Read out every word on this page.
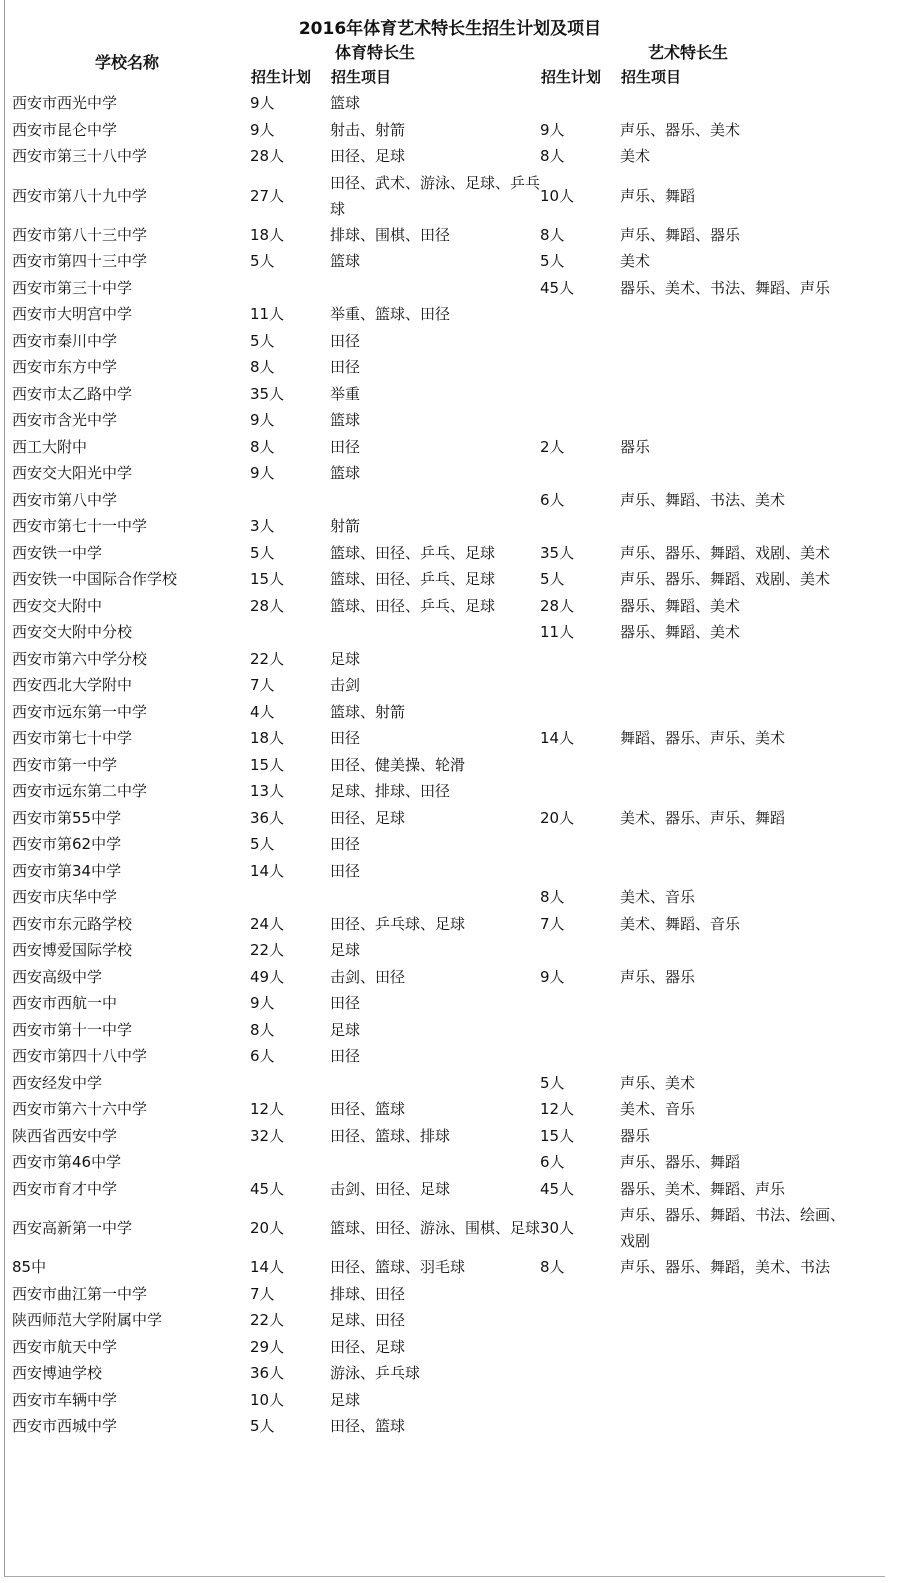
2016年体育艺术特长生招生计划及项目
学校名称
体育特长生	艺术特长生
招生计划 招生项目	招生计划 招生项目
西安市西光中学	9人	篮球		
西安市昆仑中学	9人	射击、射箭	9人	声乐、器乐、美术
西安市第三十八中学	28人	田径、足球	8人	美术
西安市第八十九中学	27人	田径、武术、游泳、足球、乒乓球	10人	声乐、舞蹈
西安市第八十三中学	18人	排球、围棋、田径	8人	声乐、舞蹈、器乐
西安市第四十三中学	5人	篮球	5人	美术
西安市第三十中学			45人	器乐、美术、书法、舞蹈、声乐
西安市大明宫中学	11人	举重、篮球、田径		
西安市秦川中学	5人	田径		
西安市东方中学	8人	田径		
西安市太乙路中学	35人	举重		
西安市含光中学	9人	篮球		
西工大附中	8人	田径	2人	器乐
西安交大阳光中学	9人	篮球		
西安市第八中学			6人	声乐、舞蹈、书法、美术
西安市第七十一中学	3人	射箭		
西安铁一中学	5人	篮球、田径、乒乓、足球	35人	声乐、器乐、舞蹈、戏剧、美术
西安铁一中国际合作学校	15人	篮球、田径、乒乓、足球	5人	声乐、器乐、舞蹈、戏剧、美术
西安交大附中	28人	篮球、田径、乒乓、足球	28人	器乐、舞蹈、美术
西安交大附中分校			11人	器乐、舞蹈、美术
西安市第六中学分校	22人	足球		
西安西北大学附中	7人	击剑		
西安市远东第一中学	4人	篮球、射箭		
西安市第七十中学	18人	田径	14人	舞蹈、器乐、声乐、美术
西安市第一中学	15人	田径、健美操、轮滑		
西安市远东第二中学	13人	足球、排球、田径		
西安市第55中学	36人	田径、足球	20人	美术、器乐、声乐、舞蹈
西安市第62中学	5人	田径		
西安市第34中学	14人	田径		
西安市庆华中学			8人	美术、音乐
西安市东元路学校	24人	田径、乒乓球、足球	7人	美术、舞蹈、音乐
西安博爱国际学校	22人	足球		
西安高级中学	49人	击剑、田径	9人	声乐、器乐
西安市西航一中	9人	田径		
西安市第十一中学	8人	足球		
西安市第四十八中学	6人	田径		
西安经发中学			5人	声乐、美术
西安市第六十六中学	12人	田径、篮球	12人	美术、音乐
陕西省西安中学	32人	田径、篮球、排球	15人	器乐
西安市第46中学			6人	声乐、器乐、舞蹈
西安市育才中学	45人	击剑、田径、足球	45人	器乐、美术、舞蹈、声乐
西安高新第一中学	20人	篮球、田径、游泳、围棋、足球	30人	声乐、器乐、舞蹈、书法、绘画、戏剧
85中	14人	田径、篮球、羽毛球	8人	声乐、器乐、舞蹈，美术、书法
西安市曲江第一中学	7人	排球、田径		
陕西师范大学附属中学	22人	足球、田径		
西安市航天中学	29人	田径、足球		
西安博迪学校	36人	游泳、乒乓球		
西安市车辆中学	10人	足球		
西安市西城中学	5人	田径、篮球		
